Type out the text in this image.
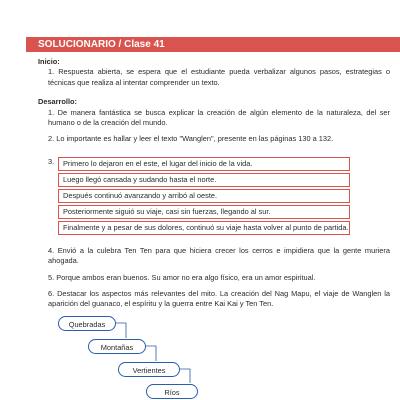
SOLUCIONARIO / Clase 41

Inicio:

1. Respuesta abierta, se espera que el estudiante pueda verbalizar algunos pasos, estrategias o técnicas que realiza al intentar comprender un texto.

Desarrollo:

1. De manera fantástica se busca explicar la creación de algún elemento de la naturaleza, del ser humano o de la creación del mundo.

2. Lo importante es hallar y leer el texto "Wanglen", presente en las páginas 130 a 132.

3.	Primero lo dejaron en el este, el lugar del inicio de la vida.
Luego llegó cansada y sudando hasta el norte.
Después continuó avanzando y arribó al oeste.
Posteriormente siguió su viaje, casi sin fuerzas, llegando al sur.
Finalmente y a pesar de sus dolores, continuó su viaje hasta volver al punto de partida.

4. Envió a la culebra Ten Ten para que hiciera crecer los cerros e impidiera que la gente muriera ahogada.

5. Porque ambos eran buenos. Su amor no era algo físico, era un amor espiritual.

6. Destacar los aspectos más relevantes del mito. La creación del Nag Mapu, el viaje de Wanglen la aparición del guanaco, el espíritu y la guerra entre Kai Kai y Ten Ten.

Quebradas
Montañas
Vertientes
Ríos
